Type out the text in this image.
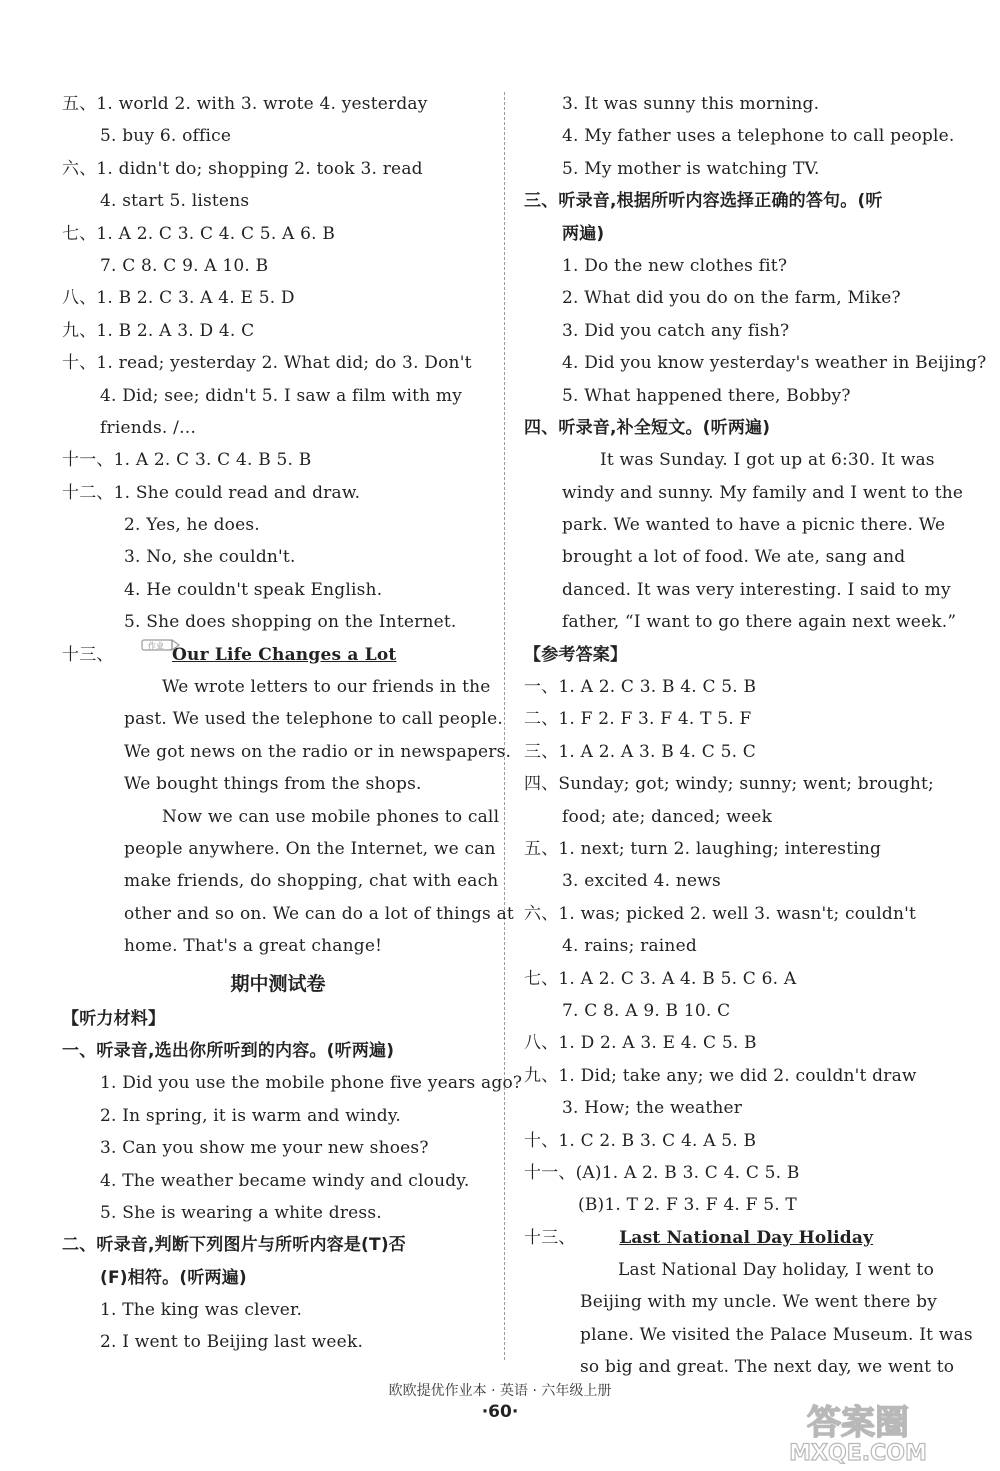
五、1. world 2. with 3. wrote 4. yesterday
5. buy 6. office
六、1. didn't do; shopping 2. took 3. read
4. start 5. listens
七、1. A 2. C 3. C 4. C 5. A 6. B
7. C 8. C 9. A 10. B
八、1. B 2. C 3. A 4. E 5. D
九、1. B 2. A 3. D 4. C
十、1. read; yesterday 2. What did; do 3. Don't
4. Did; see; didn't 5. I saw a film with my
friends. /…
十一、1. A 2. C 3. C 4. B 5. B
十二、1. She could read and draw.
2. Yes, he does.
3. No, she couldn't.
4. He couldn't speak English.
5. She does shopping on the Internet.
十三、	Our Life Changes a Lot
We wrote letters to our friends in the
past. We used the telephone to call people.
We got news on the radio or in newspapers.
We bought things from the shops.
Now we can use mobile phones to call
people anywhere. On the Internet, we can
make friends, do shopping, chat with each
other and so on. We can do a lot of things at
home. That's a great change!
期中测试卷
【听力材料】
一、听录音,选出你所听到的内容。(听两遍)
1. Did you use the mobile phone five years ago?
2. In spring, it is warm and windy.
3. Can you show me your new shoes?
4. The weather became windy and cloudy.
5. She is wearing a white dress.
二、听录音,判断下列图片与所听内容是(T)否
(F)相符。(听两遍)
1. The king was clever.
2. I went to Beijing last week.
3. It was sunny this morning.
4. My father uses a telephone to call people.
5. My mother is watching TV.
三、听录音,根据所听内容选择正确的答句。(听
两遍)
1. Do the new clothes fit?
2. What did you do on the farm, Mike?
3. Did you catch any fish?
4. Did you know yesterday's weather in Beijing?
5. What happened there, Bobby?
四、听录音,补全短文。(听两遍)
It was Sunday. I got up at 6:30. It was
windy and sunny. My family and I went to the
park. We wanted to have a picnic there. We
brought a lot of food. We ate, sang and
danced. It was very interesting. I said to my
father, “I want to go there again next week.”
【参考答案】
一、1. A 2. C 3. B 4. C 5. B
二、1. F 2. F 3. F 4. T 5. F
三、1. A 2. A 3. B 4. C 5. C
四、Sunday; got; windy; sunny; went; brought;
food; ate; danced; week
五、1. next; turn 2. laughing; interesting
3. excited 4. news
六、1. was; picked 2. well 3. wasn't; couldn't
4. rains; rained
七、1. A 2. C 3. A 4. B 5. C 6. A
7. C 8. A 9. B 10. C
八、1. D 2. A 3. E 4. C 5. B
九、1. Did; take any; we did 2. couldn't draw
3. How; the weather
十、1. C 2. B 3. C 4. A 5. B
十一、(A)1. A 2. B 3. C 4. C 5. B
(B)1. T 2. F 3. F 4. F 5. T
十三、	Last National Day Holiday
Last National Day holiday, I went to
Beijing with my uncle. We went there by
plane. We visited the Palace Museum. It was
so big and great. The next day, we went to
作业
欧欧提优作业本 · 英语 · 六年级上册
·60·	答案圈
MXQE.COM
